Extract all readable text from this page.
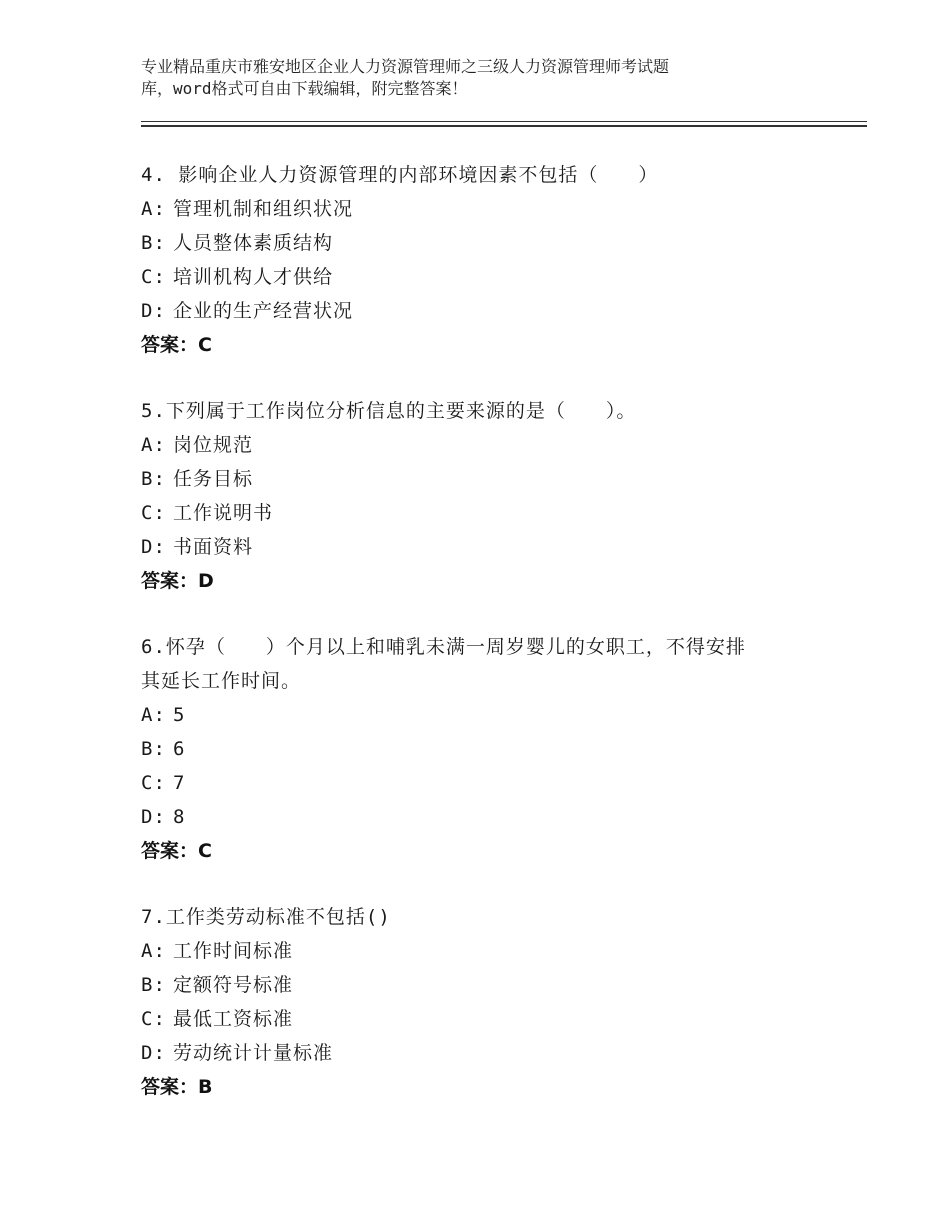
专业精品重庆市雅安地区企业人力资源管理师之三级人力资源管理师考试题
库，word格式可自由下载编辑，附完整答案！
4. 影响企业人力资源管理的内部环境因素不包括（　　）
A: 管理机制和组织状况
B: 人员整体素质结构
C: 培训机构人才供给
D: 企业的生产经营状况
答案：C
5.下列属于工作岗位分析信息的主要来源的是（　　）。
A: 岗位规范
B: 任务目标
C: 工作说明书
D: 书面资料
答案：D
6.怀孕（　　）个月以上和哺乳未满一周岁婴儿的女职工，不得安排
其延长工作时间。
A: 5
B: 6
C: 7
D: 8
答案：C
7.工作类劳动标准不包括()
A: 工作时间标准
B: 定额符号标准
C: 最低工资标准
D: 劳动统计计量标准
答案：B
